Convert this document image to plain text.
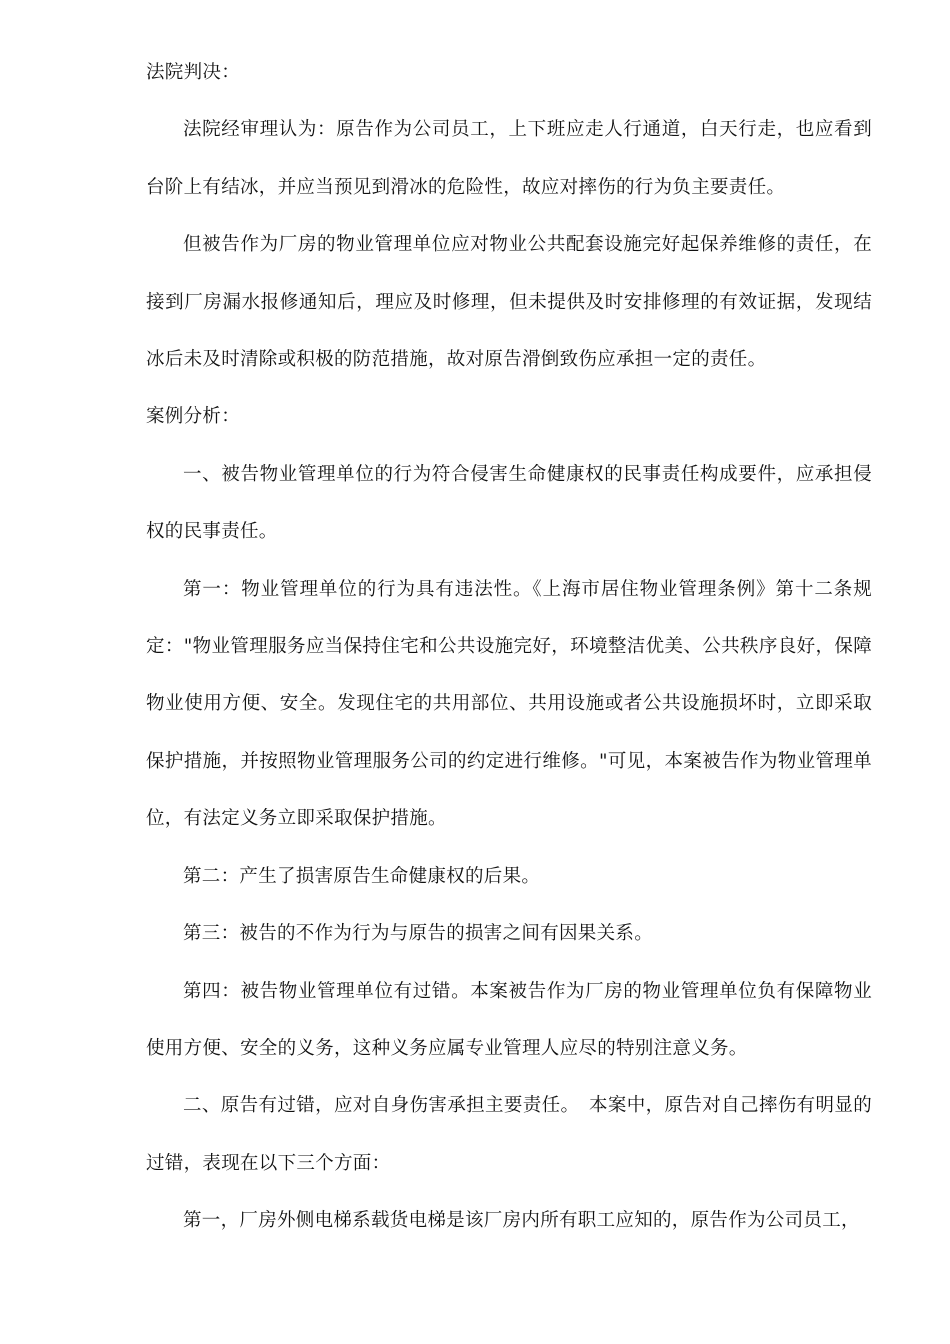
法院判决：

法院经审理认为：原告作为公司员工，上下班应走人行通道，白天行走，也应看到台阶上有结冰，并应当预见到滑冰的危险性，故应对摔伤的行为负主要责任。

但被告作为厂房的物业管理单位应对物业公共配套设施完好起保养维修的责任，在接到厂房漏水报修通知后，理应及时修理，但未提供及时安排修理的有效证据，发现结冰后未及时清除或积极的防范措施，故对原告滑倒致伤应承担一定的责任。

案例分析：

一、被告物业管理单位的行为符合侵害生命健康权的民事责任构成要件，应承担侵权的民事责任。

第一：物业管理单位的行为具有违法性。《上海市居住物业管理条例》第十二条规定："物业管理服务应当保持住宅和公共设施完好，环境整洁优美、公共秩序良好，保障物业使用方便、安全。发现住宅的共用部位、共用设施或者公共设施损坏时，立即采取保护措施，并按照物业管理服务公司的约定进行维修。"可见，本案被告作为物业管理单位，有法定义务立即采取保护措施。

第二：产生了损害原告生命健康权的后果。

第三：被告的不作为行为与原告的损害之间有因果关系。

第四：被告物业管理单位有过错。本案被告作为厂房的物业管理单位负有保障物业使用方便、安全的义务，这种义务应属专业管理人应尽的特别注意义务。

二、原告有过错，应对自身伤害承担主要责任。　本案中，原告对自己摔伤有明显的过错，表现在以下三个方面：

第一，厂房外侧电梯系载货电梯是该厂房内所有职工应知的，原告作为公司员工，
